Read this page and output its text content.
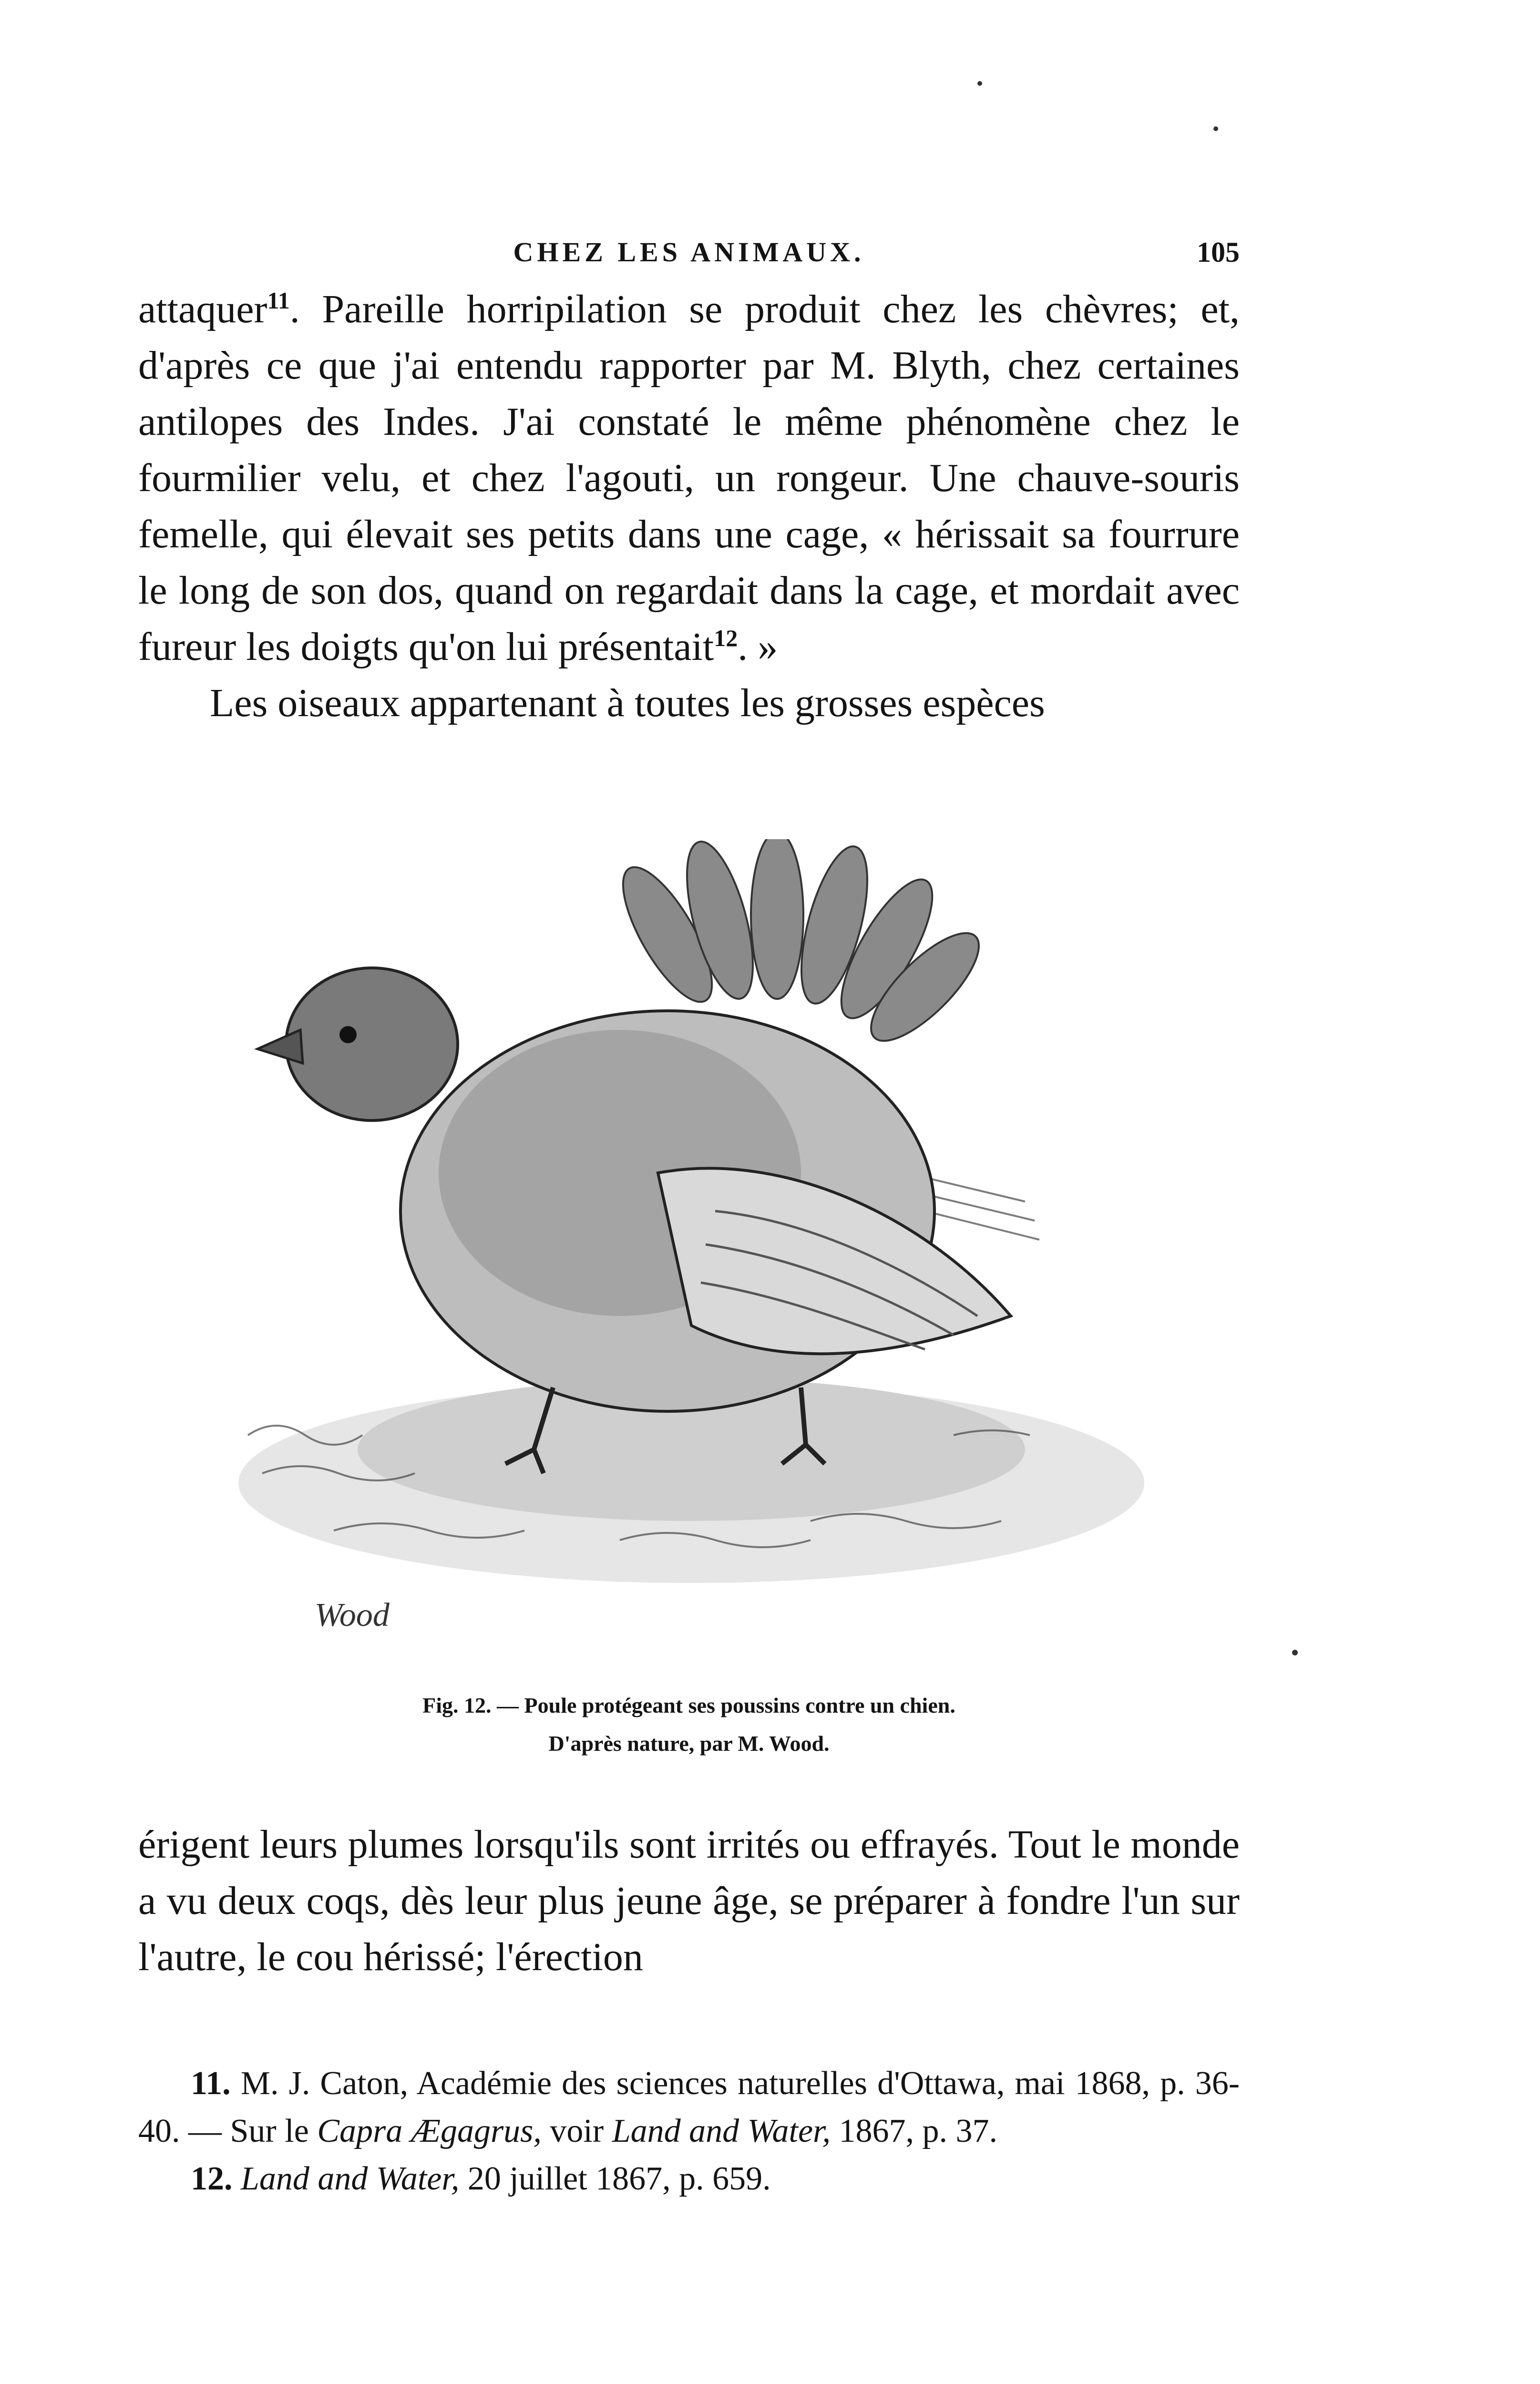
CHEZ LES ANIMAUX.	105

attaquer$^{11}$. Pareille horripilation se produit chez les chèvres; et, d'après ce que j'ai entendu rapporter par M. Blyth, chez certaines antilopes des Indes. J'ai constaté le même phénomène chez le fourmilier velu, et chez l'agouti, un rongeur. Une chauve-souris femelle, qui élevait ses petits dans une cage, « hérissait sa fourrure le long de son dos, quand on regardait dans la cage, et mordait avec fureur les doigts qu'on lui présentait$^{12}$. »

Les oiseaux appartenant à toutes les grosses espèces

Wood
Fig. 12. — Poule protégeant ses poussins contre un chien.
D'après nature, par M. Wood.

érigent leurs plumes lorsqu'ils sont irrités ou effrayés. Tout le monde a vu deux coqs, dès leur plus jeune âge, se préparer à fondre l'un sur l'autre, le cou hérissé; l'érection

11. M. J. Caton, Académie des sciences naturelles d'Ottawa, mai 1868, p. 36-40. — Sur le Capra Ægagrus, voir Land and Water, 1867, p. 37.

12. Land and Water, 20 juillet 1867, p. 659.
